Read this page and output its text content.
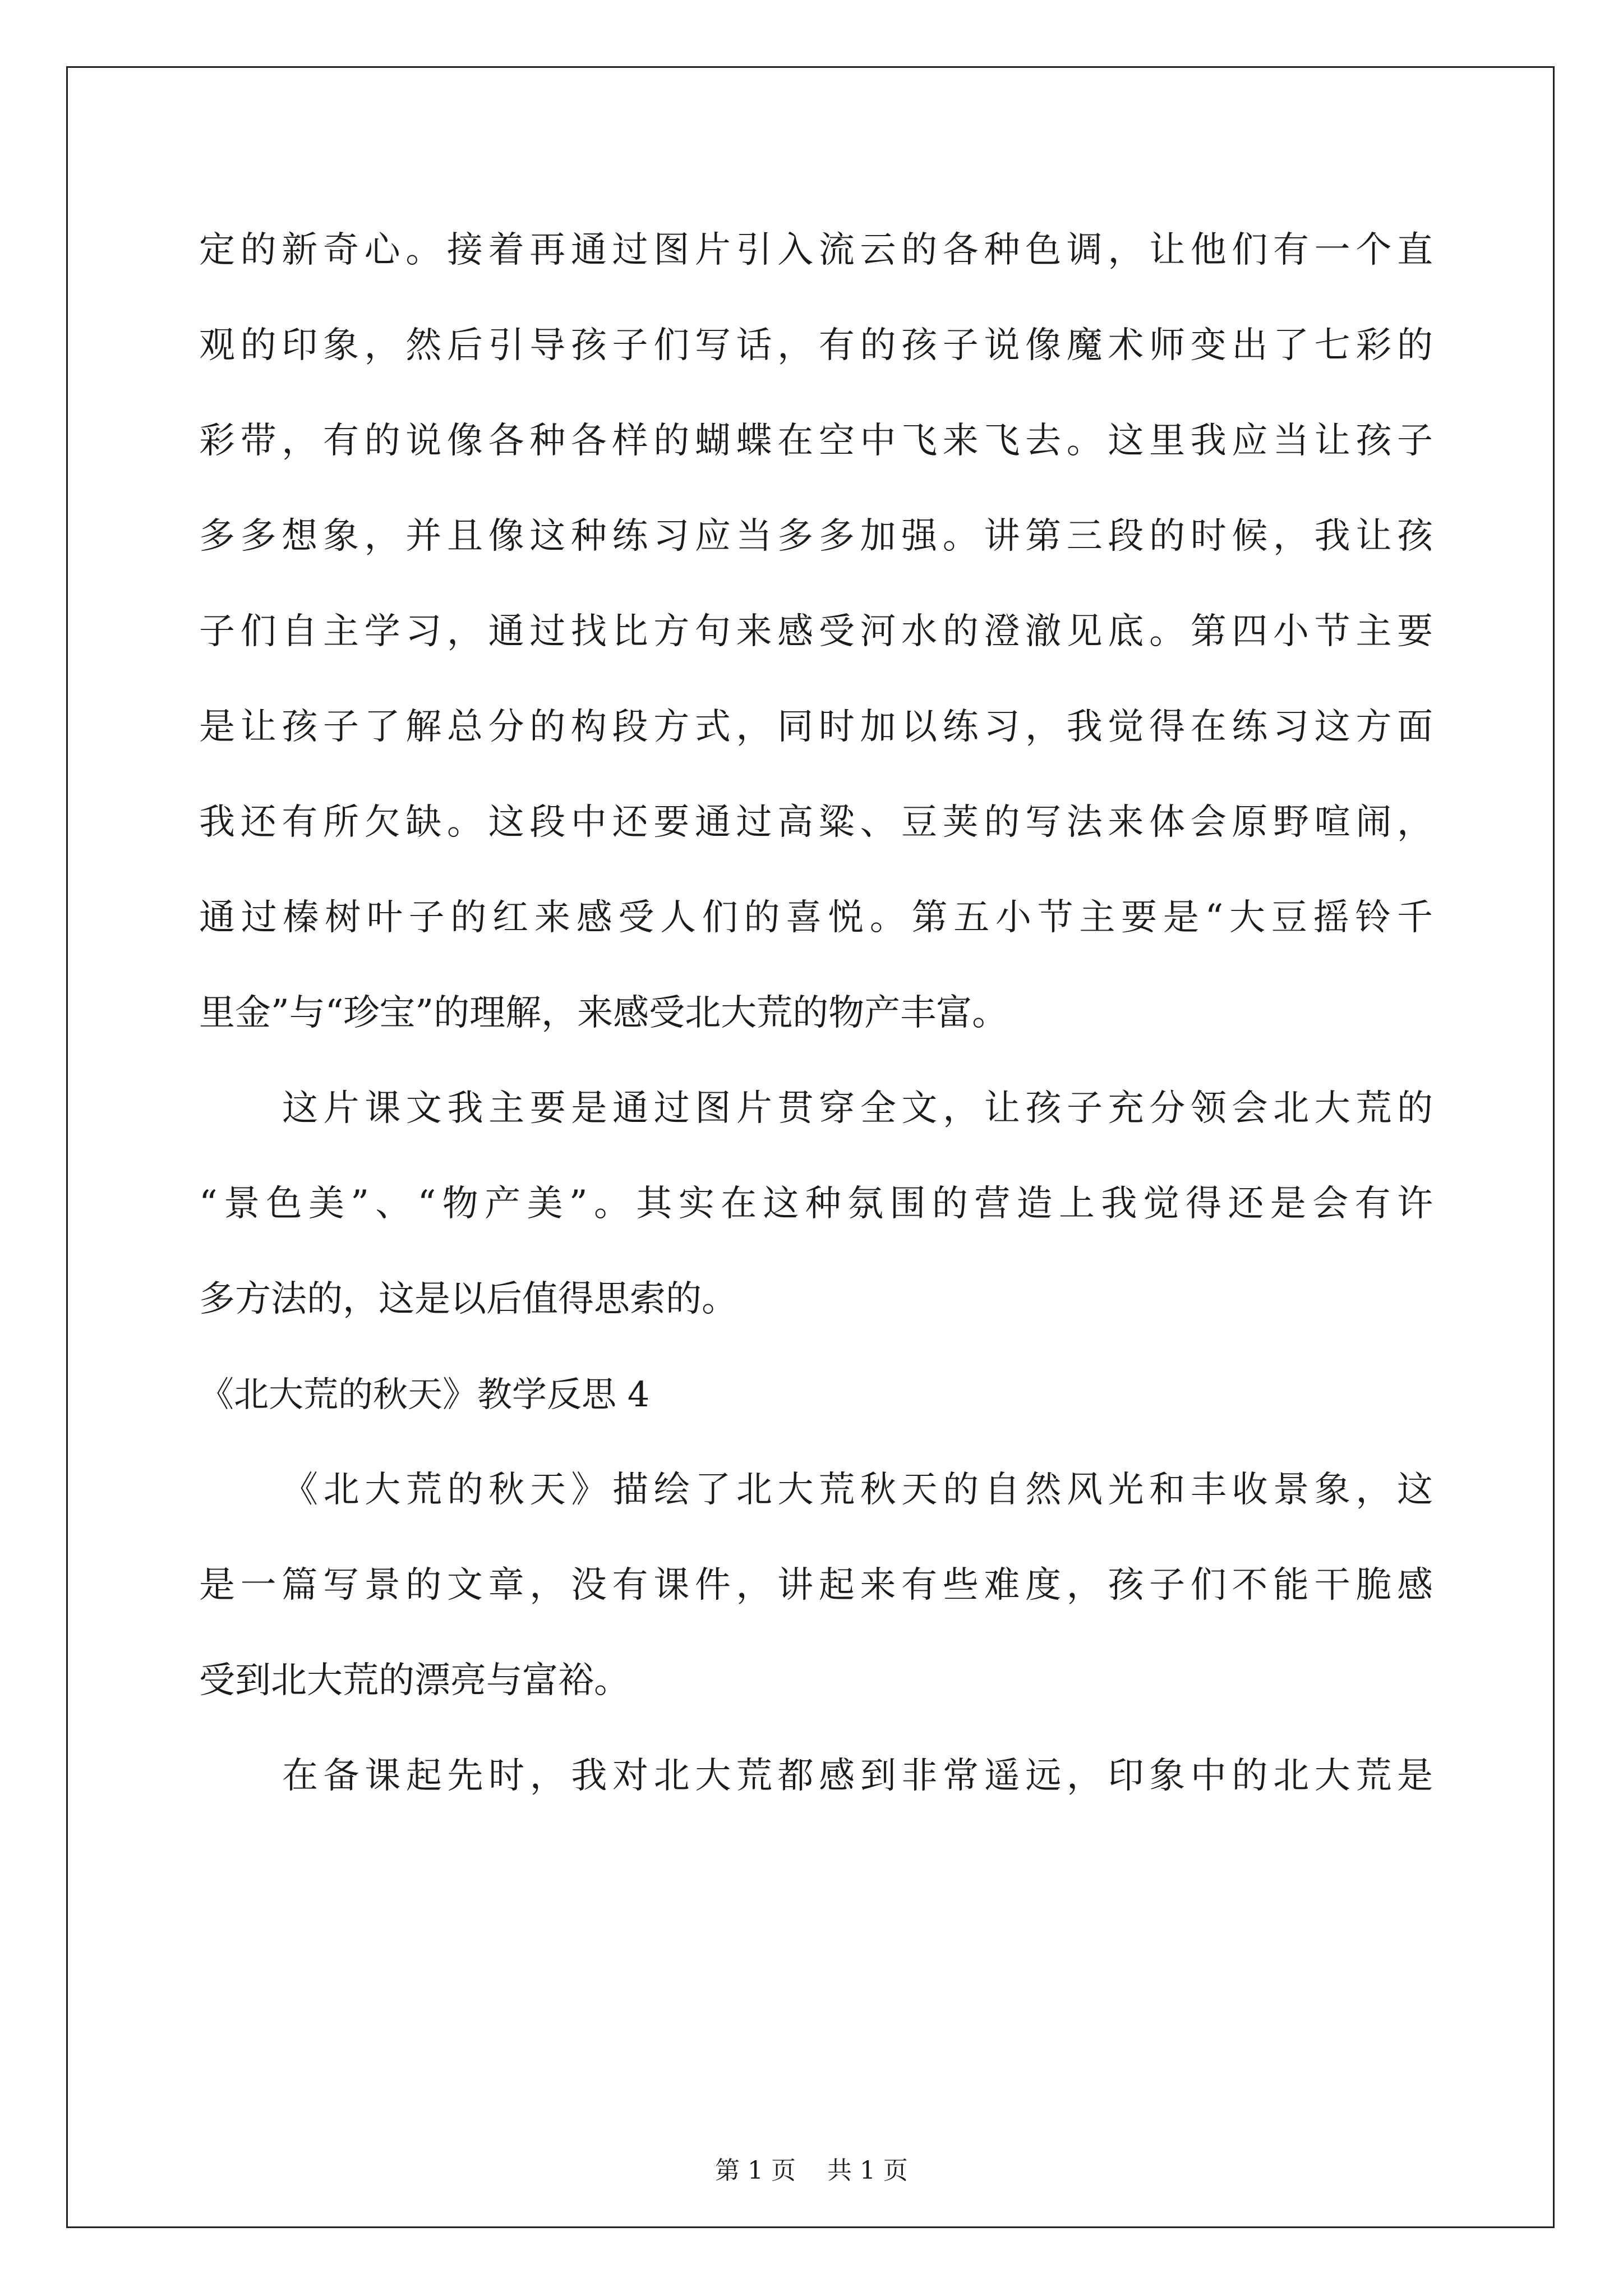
定的新奇心。接着再通过图片引入流云的各种色调，让他们有一个直
观的印象，然后引导孩子们写话，有的孩子说像魔术师变出了七彩的
彩带，有的说像各种各样的蝴蝶在空中飞来飞去。这里我应当让孩子
多多想象，并且像这种练习应当多多加强。讲第三段的时候，我让孩
子们自主学习，通过找比方句来感受河水的澄澈见底。第四小节主要
是让孩子了解总分的构段方式，同时加以练习，我觉得在练习这方面
我还有所欠缺。这段中还要通过高粱、豆荚的写法来体会原野喧闹，
通过榛树叶子的红来感受人们的喜悦。第五小节主要是“大豆摇铃千
里金”与“珍宝”的理解，来感受北大荒的物产丰富。
这片课文我主要是通过图片贯穿全文，让孩子充分领会北大荒的
“景色美”、“物产美”。其实在这种氛围的营造上我觉得还是会有许
多方法的，这是以后值得思索的。
《北大荒的秋天》教学反思 4
《北大荒的秋天》描绘了北大荒秋天的自然风光和丰收景象，这
是一篇写景的文章，没有课件，讲起来有些难度，孩子们不能干脆感
受到北大荒的漂亮与富裕。
在备课起先时，我对北大荒都感到非常遥远，印象中的北大荒是
第 1 页    共 1 页
